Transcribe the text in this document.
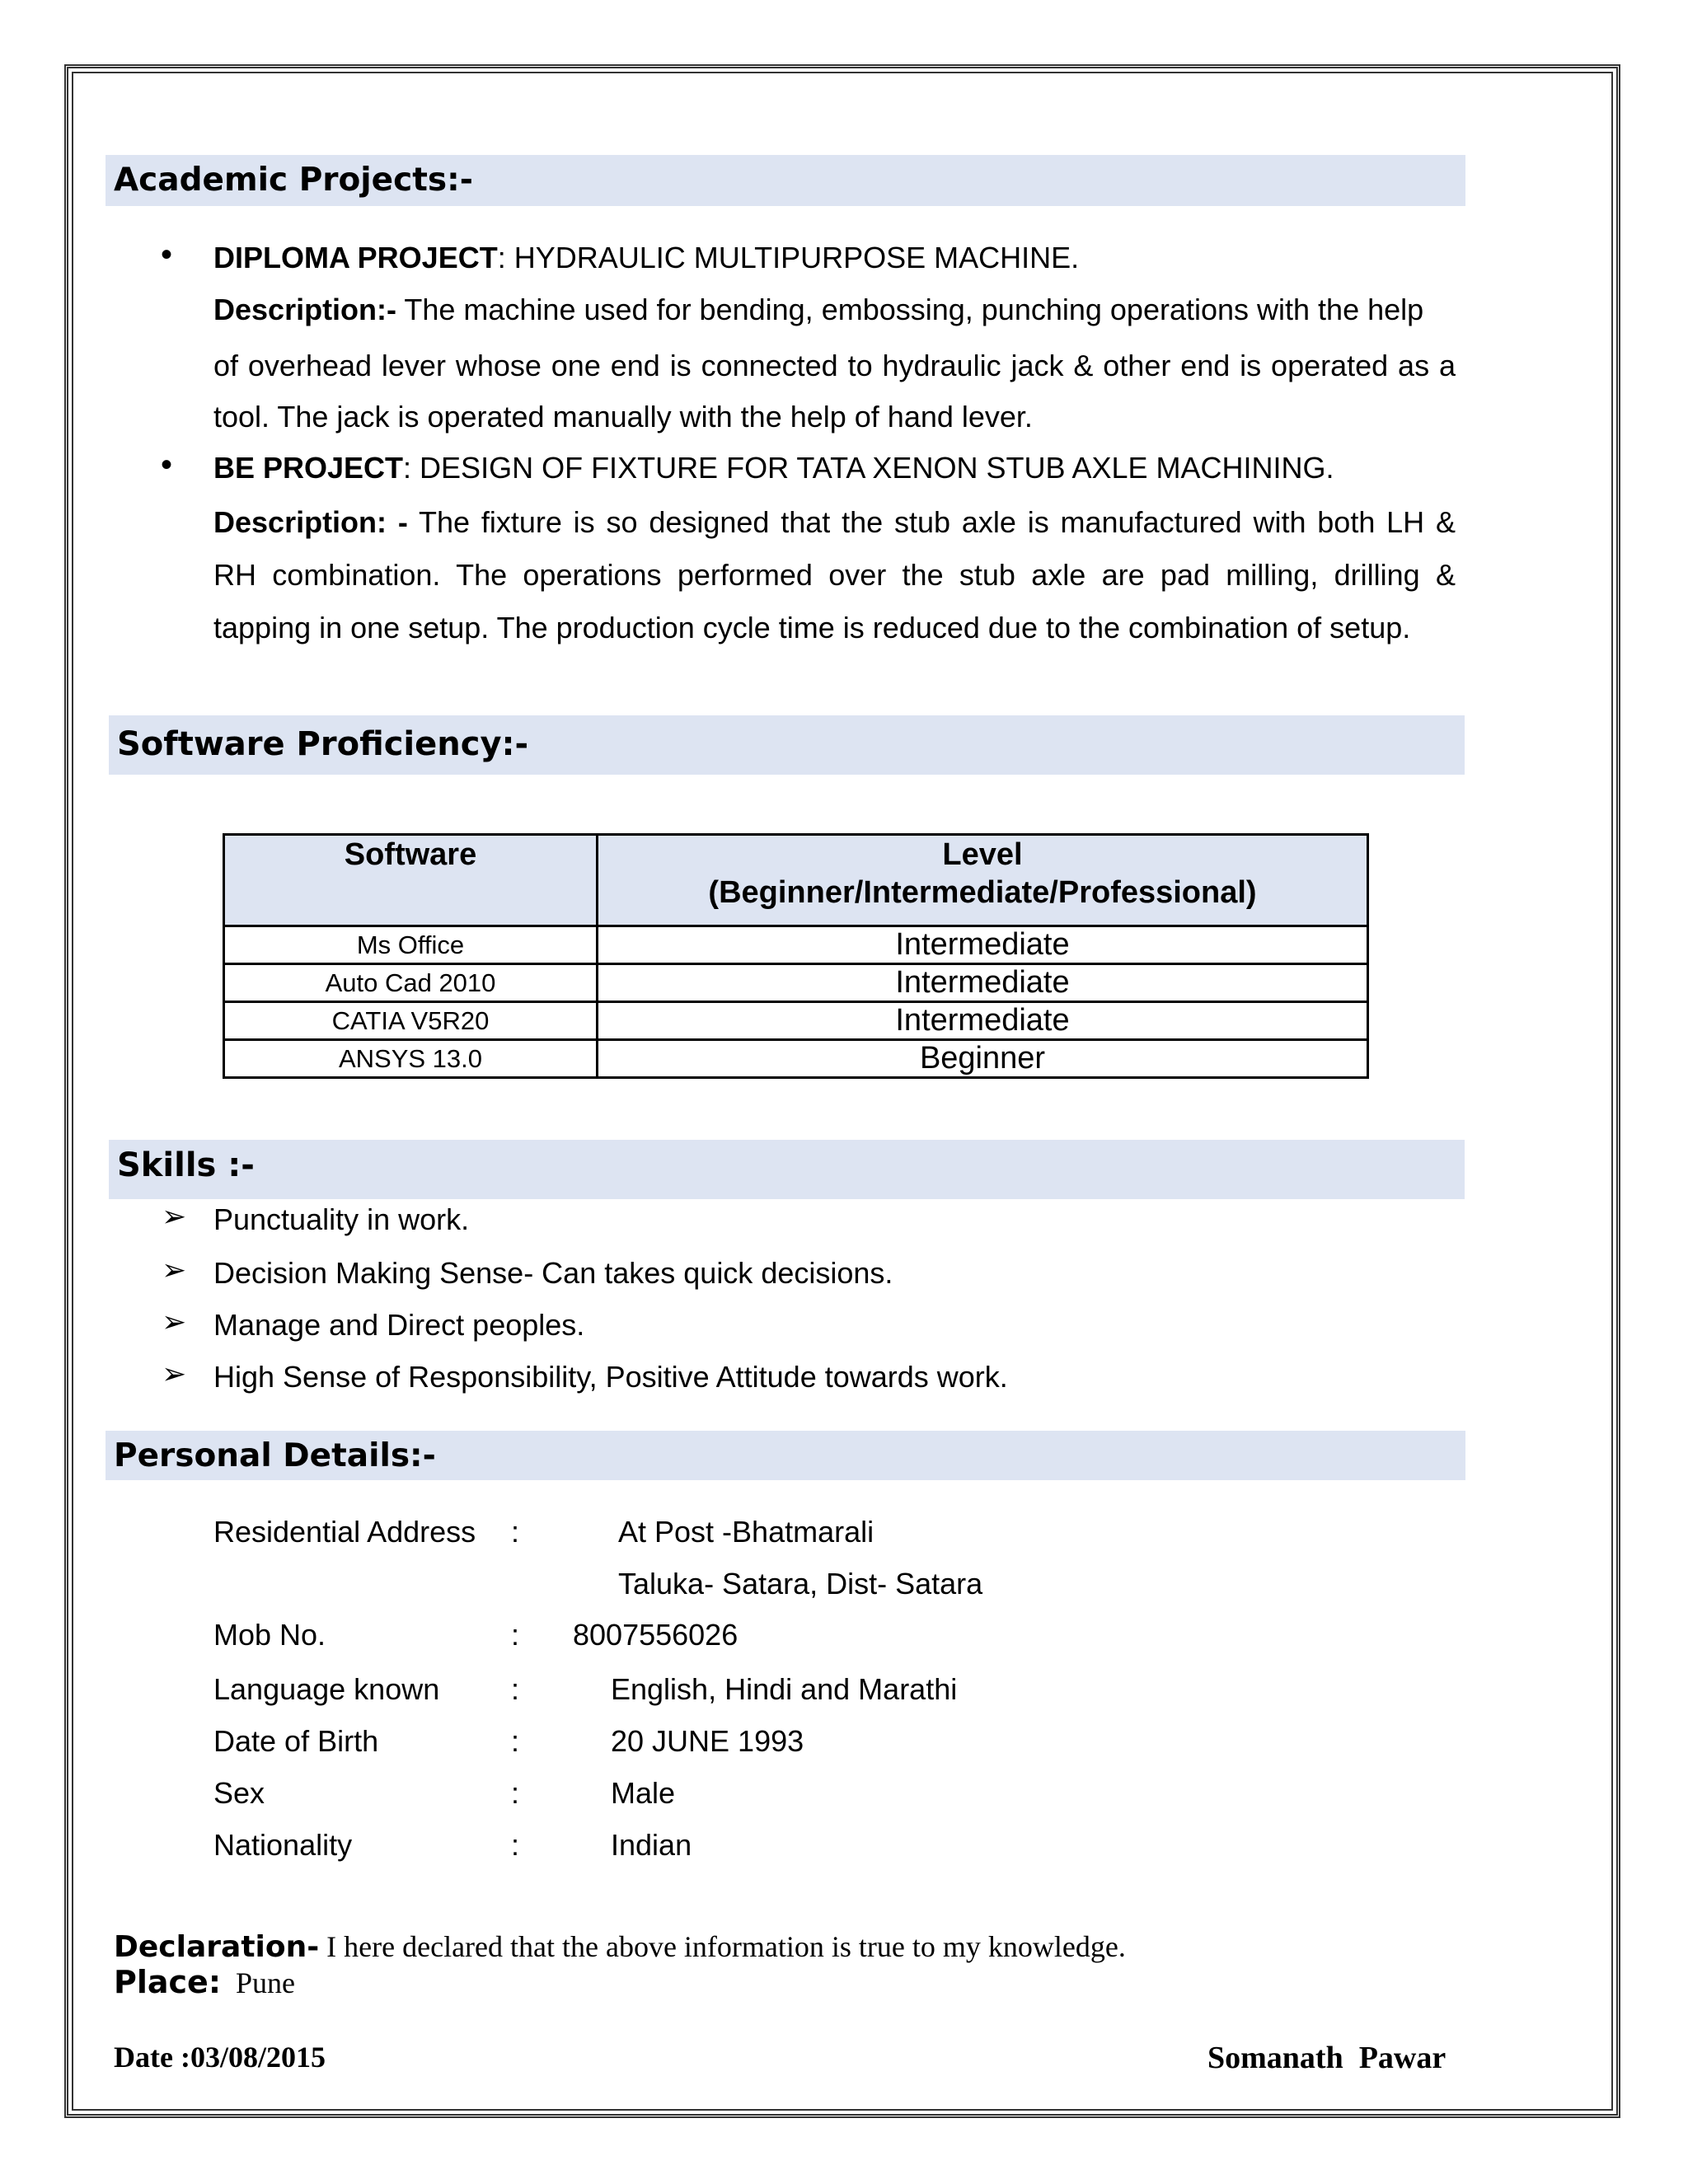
Academic Projects:-
• DIPLOMA PROJECT: HYDRAULIC MULTIPURPOSE MACHINE.
Description:- The machine used for bending, embossing, punching operations with the help
of overhead lever whose one end is connected to hydraulic jack & other end is operated as a
tool. The jack is operated manually with the help of hand lever.
• BE PROJECT: DESIGN OF FIXTURE FOR TATA XENON STUB AXLE MACHINING.
Description: - The fixture is so designed that the stub axle is manufactured with both LH &
RH combination. The operations performed over the stub axle are pad milling, drilling &
tapping in one setup. The production cycle time is reduced due to the combination of setup.
Software Proficiency:-
Software	Level
(Beginner/Intermediate/Professional)

Ms Office	Intermediate
Auto Cad 2010	Intermediate
CATIA V5R20	Intermediate
ANSYS 13.0	Beginner
Skills :-
➢ Punctuality in work.
➢ Decision Making Sense- Can takes quick decisions.
➢ Manage and Direct peoples.
➢ High Sense of Responsibility, Positive Attitude towards work.
Personal Details:-
Residential Address :	At Post -Bhatmarali
Taluka- Satara, Dist- Satara
Mob No.	: 8007556026
Language known :	English, Hindi and Marathi
Date of Birth	:	20 JUNE 1993
Sex	:	Male
Nationality	:	Indian
Declaration- I here declared that the above information is true to my knowledge.
Place:  Pune
Date :03/08/2015	Somanath  Pawar
